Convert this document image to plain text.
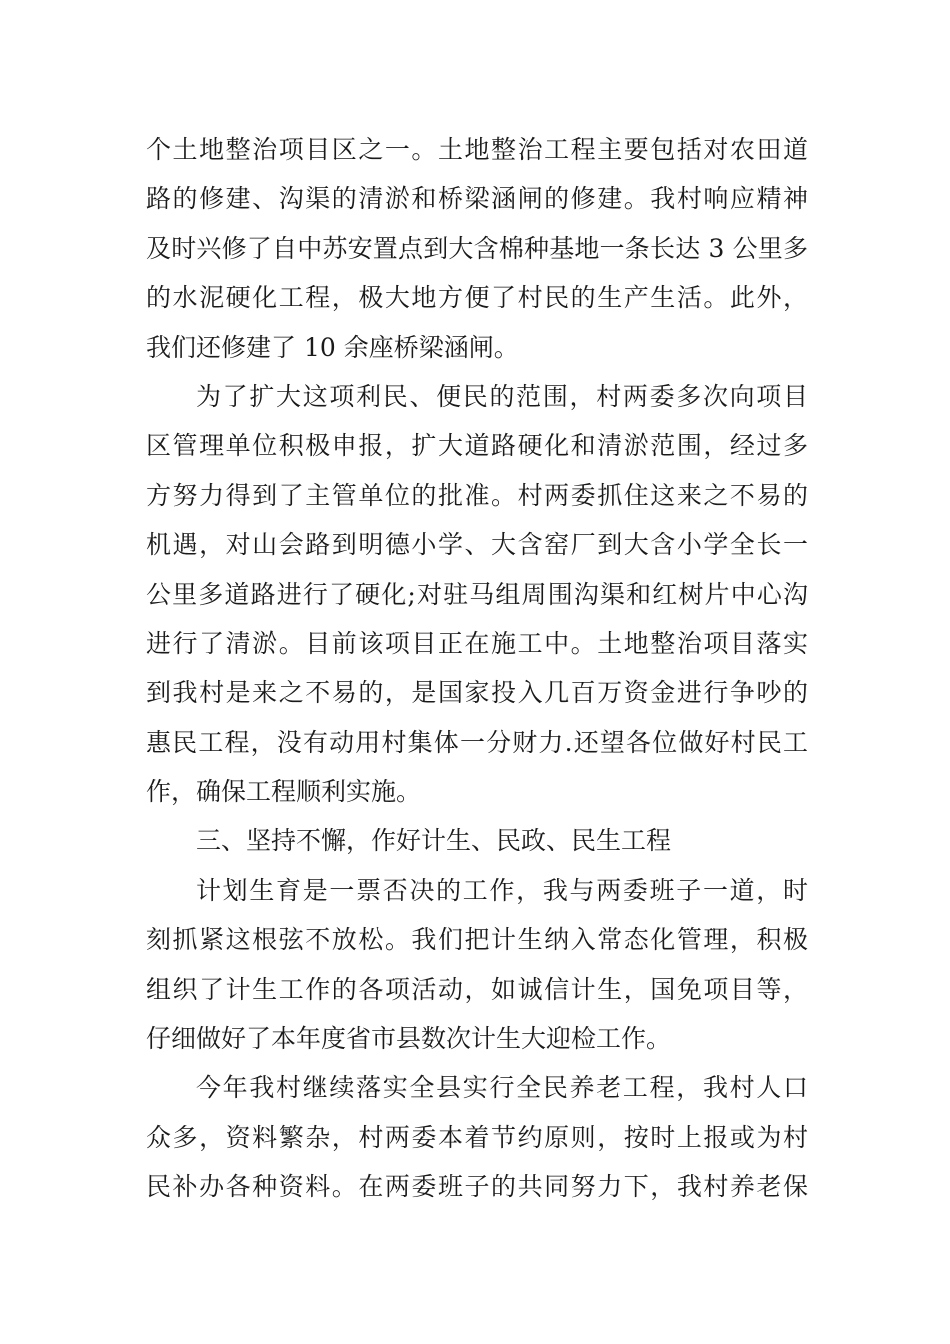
个土地整治项目区之一。土地整治工程主要包括对农田道
路的修建、沟渠的清淤和桥梁涵闸的修建。我村响应精神
及时兴修了自中苏安置点到大含棉种基地一条长达 3 公里多
的水泥硬化工程，极大地方便了村民的生产生活。此外，
我们还修建了 10 余座桥梁涵闸。
为了扩大这项利民、便民的范围，村两委多次向项目
区管理单位积极申报，扩大道路硬化和清淤范围，经过多
方努力得到了主管单位的批准。村两委抓住这来之不易的
机遇，对山会路到明德小学、大含窑厂到大含小学全长一
公里多道路进行了硬化;对驻马组周围沟渠和红树片中心沟
进行了清淤。目前该项目正在施工中。土地整治项目落实
到我村是来之不易的，是国家投入几百万资金进行争吵的
惠民工程，没有动用村集体一分财力.还望各位做好村民工
作，确保工程顺利实施。
三、坚持不懈，作好计生、民政、民生工程
计划生育是一票否决的工作，我与两委班子一道，时
刻抓紧这根弦不放松。我们把计生纳入常态化管理，积极
组织了计生工作的各项活动，如诚信计生，国免项目等，
仔细做好了本年度省市县数次计生大迎检工作。
今年我村继续落实全县实行全民养老工程，我村人口
众多，资料繁杂，村两委本着节约原则，按时上报或为村
民补办各种资料。在两委班子的共同努力下，我村养老保
